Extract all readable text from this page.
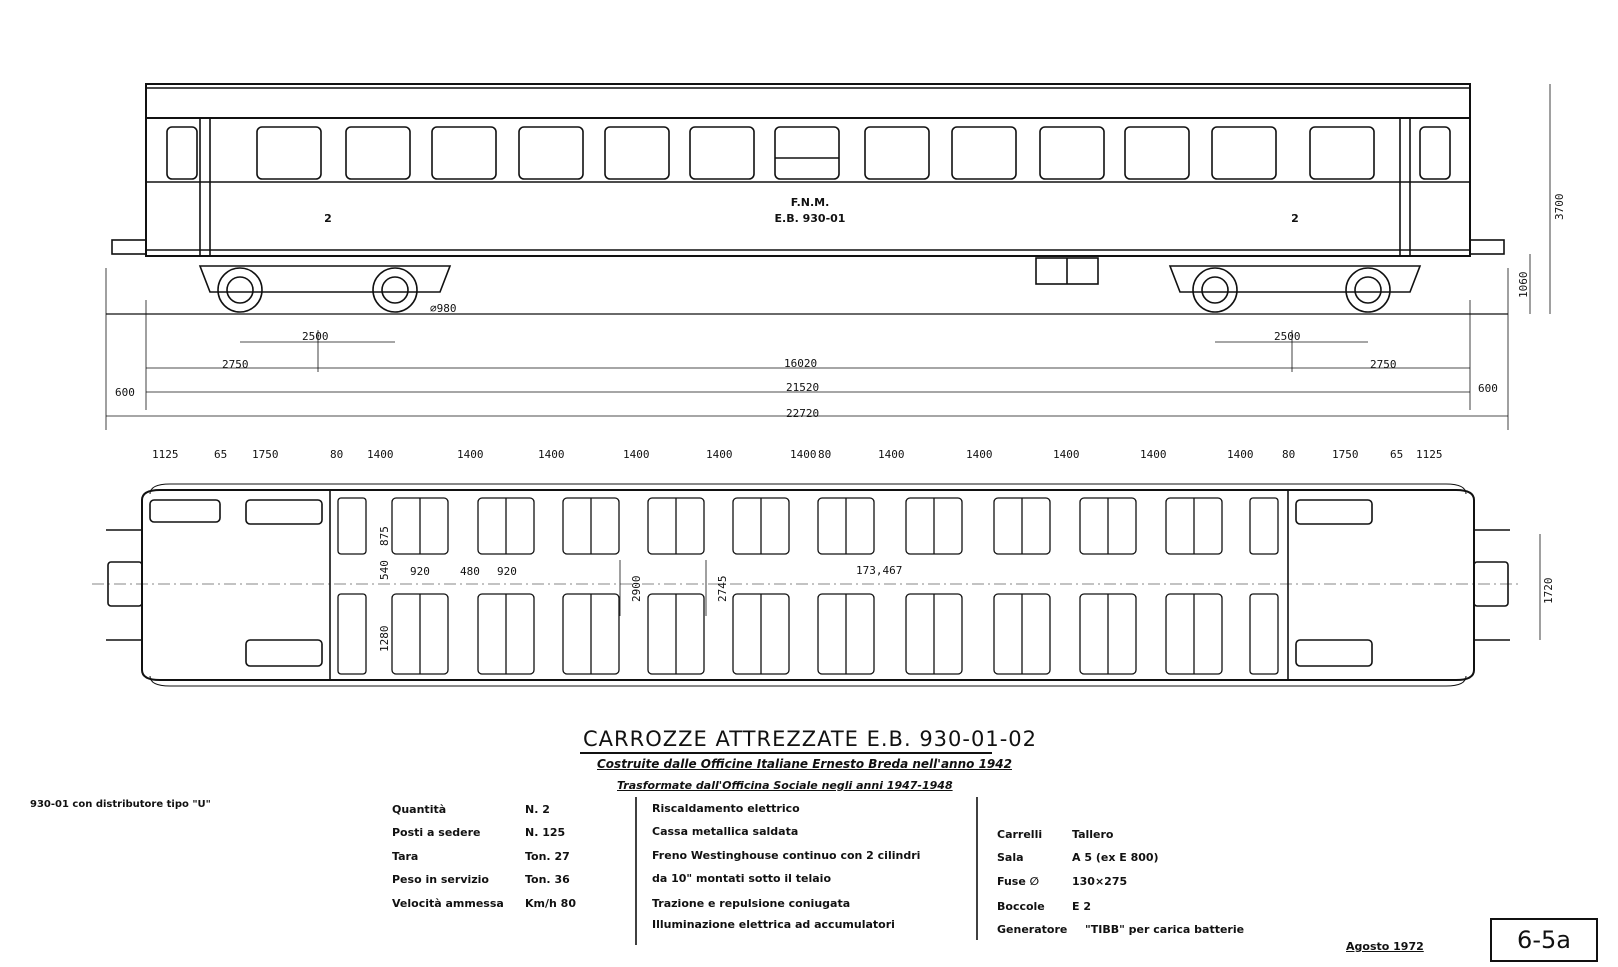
F.N.M.
E.B. 930-01
2	2
∅980
2500	2500
2750	16020	2750
600	21520	600
22720
3700
1060
1125	65 1750	80 1400	1400	1400	1400	1400	1400 80	1400	1400	1400	1400	1400	80	1750	65 1125
1720
920	480 920
875
540
1280
2900	2745
173,467
CARROZZE ATTREZZATE E.B. 930-01-02
Costruite dalle Officine Italiane Ernesto Breda nell'anno 1942
Trasformate dall'Officina Sociale negli anni 1947-1948
930-01 con distributore tipo "U"	Quantità	N. 2
Posti a sedere	N. 125
Tara	Ton. 27
Peso in servizio	Ton. 36
Velocità ammessa Km/h 80
Riscaldamento elettrico
Cassa metallica saldata
Freno Westinghouse continuo con 2 cilindri
da 10" montati sotto il telaio
Trazione e repulsione coniugata
Illuminazione elettrica ad accumulatori
Carrelli	Tallero
Sala	A 5 (ex E 800)
Fuse ∅	130×275
Boccole E 2
Generatore "TIBB" per carica batterie
Agosto 1972	6-5a
